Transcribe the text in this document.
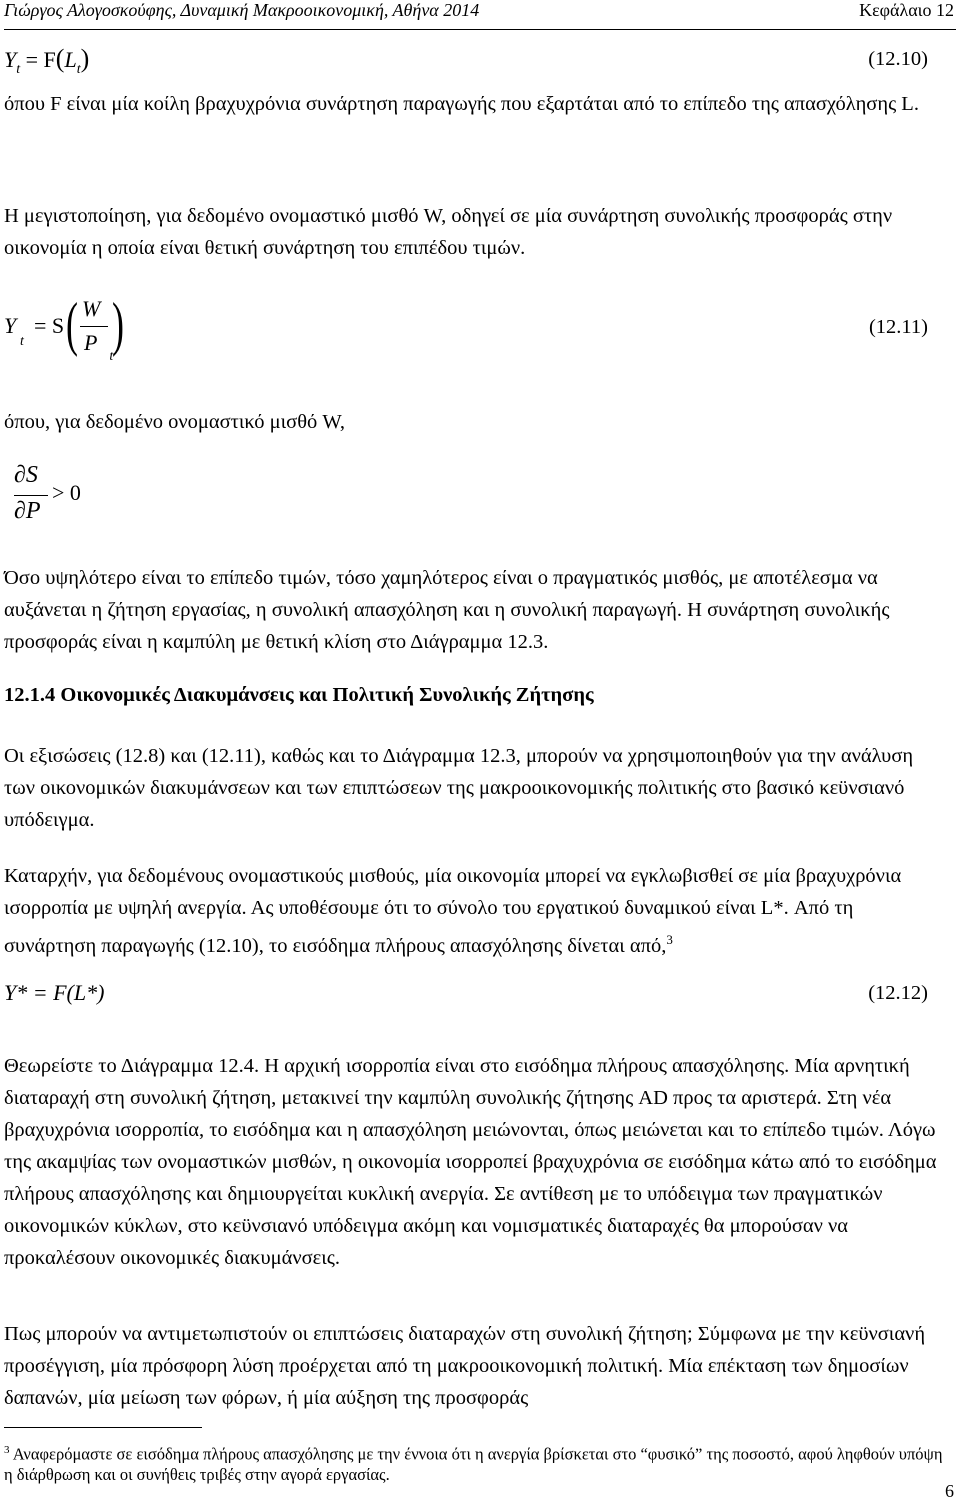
Γιώργος Αλογοσκούφης, Δυναμική Μακροοικονομική, Αθήνα 2014	Κεφάλαιο 12
$Y_t = F(L_t)$	(12.10)

όπου F είναι μία κοίλη βραχυχρόνια συνάρτηση παραγωγής που εξαρτάται από το επίπεδο της απασχόλησης L.

Η μεγιστοποίηση, για δεδομένο ονομαστικό μισθό W, οδηγεί σε μία συνάρτηση συνολικής προσφοράς στην οικονομία η οποία είναι θετική συνάρτηση του επιπέδου τιμών.

Y
$_t$
= S ( W
P
$_t$
)	(12.11)

όπου, για δεδομένο ονομαστικό μισθό W,

∂S
∂P
> 0

Όσο υψηλότερο είναι το επίπεδο τιμών, τόσο χαμηλότερος είναι ο πραγματικός μισθός, με αποτέλεσμα να αυξάνεται η ζήτηση εργασίας, η συνολική απασχόληση και η συνολική παραγωγή. Η συνάρτηση συνολικής προσφοράς είναι η καμπύλη με θετική κλίση στο Διάγραμμα 12.3.

12.1.4 Οικονομικές Διακυμάνσεις και Πολιτική Συνολικής Ζήτησης

Οι εξισώσεις (12.8) και (12.11), καθώς και το Διάγραμμα 12.3, μπορούν να χρησιμοποιηθούν για την ανάλυση των οικονομικών διακυμάνσεων και των επιπτώσεων της μακροοικονομικής πολιτικής στο βασικό κεϋνσιανό υπόδειγμα.

Καταρχήν, για δεδομένους ονομαστικούς μισθούς, μία οικονομία μπορεί να εγκλωβισθεί σε μία βραχυχρόνια ισορροπία με υψηλή ανεργία. Ας υποθέσουμε ότι το σύνολο του εργατικού δυναμικού είναι L*. Από τη συνάρτηση παραγωγής (12.10), το εισόδημα πλήρους απασχόλησης δίνεται από,$^3$

Y* = F(L*)	(12.12)

Θεωρείστε το Διάγραμμα 12.4. Η αρχική ισορροπία είναι στο εισόδημα πλήρους απασχόλησης. Μία αρνητική διαταραχή στη συνολική ζήτηση, μετακινεί την καμπύλη συνολικής ζήτησης AD προς τα αριστερά. Στη νέα βραχυχρόνια ισορροπία, το εισόδημα και η απασχόληση μειώνονται, όπως μειώνεται και το επίπεδο τιμών. Λόγω της ακαμψίας των ονομαστικών μισθών, η οικονομία ισορροπεί βραχυχρόνια σε εισόδημα κάτω από το εισόδημα πλήρους απασχόλησης και δημιουργείται κυκλική ανεργία. Σε αντίθεση με το υπόδειγμα των πραγματικών οικονομικών κύκλων, στο κεϋνσιανό υπόδειγμα ακόμη και νομισματικές διαταραχές θα μπορούσαν να προκαλέσουν οικονομικές διακυμάνσεις.

Πως μπορούν να αντιμετωπιστούν οι επιπτώσεις διαταραχών στη συνολική ζήτηση; Σύμφωνα με την κεϋνσιανή προσέγγιση, μία πρόσφορη λύση προέρχεται από τη μακροοικονομική πολιτική. Μία επέκταση των δημοσίων δαπανών, μία μείωση των φόρων, ή μία αύξηση της προσφοράς

$^3$ Αναφερόμαστε σε εισόδημα πλήρους απασχόλησης με την έννοια ότι η ανεργία βρίσκεται στο “φυσικό” της ποσοστό, αφού ληφθούν υπόψη η διάρθρωση και οι συνήθεις τριβές στην αγορά εργασίας.

6
